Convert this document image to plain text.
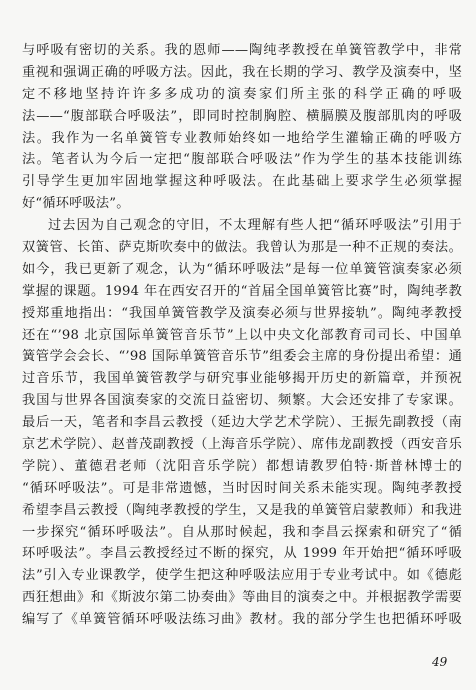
与呼吸有密切的关系。我的恩师——陶纯孝教授在单簧管教学中，非常
重视和强调正确的呼吸方法。因此，我在长期的学习、教学及演奏中，坚
定不移地坚持许许多多成功的演奏家们所主张的科学正确的呼吸
法——“腹部联合呼吸法”，即同时控制胸腔、横膈膜及腹部肌肉的呼吸
法。我作为一名单簧管专业教师始终如一地给学生灌输正确的呼吸方
法。笔者认为今后一定把“腹部联合呼吸法”作为学生的基本技能训练
引导学生更加牢固地掌握这种呼吸法。在此基础上要求学生必须掌握
好“循环呼吸法”。
过去因为自己观念的守旧，不太理解有些人把“循环呼吸法”引用于
双簧管、长笛、萨克斯吹奏中的做法。我曾认为那是一种不正规的奏法。
如今，我已更新了观念，认为“循环呼吸法”是每一位单簧管演奏家必须
掌握的课题。1994 年在西安召开的“首届全国单簧管比赛”时，陶纯孝教
授郑重地指出：“我国单簧管教学及演奏必须与世界接轨”。陶纯孝教授
还在“’98 北京国际单簧管音乐节”上以中央文化部教育司司长、中国单
簧管学会会长、“’98 国际单簧管音乐节”组委会主席的身份提出希望：通
过音乐节，我国单簧管教学与研究事业能够揭开历史的新篇章，并预祝
我国与世界各国演奏家的交流日益密切、频繁。大会还安排了专家课。
最后一天，笔者和李昌云教授（延边大学艺术学院）、王振先副教授（南
京艺术学院）、赵普茂副教授（上海音乐学院）、席伟龙副教授（西安音乐
学院）、董德君老师（沈阳音乐学院）都想请教罗伯特·斯普林博士的
“循环呼吸法”。可是非常遗憾，当时因时间关系未能实现。陶纯孝教授
希望李昌云教授（陶纯孝教授的学生，又是我的单簧管启蒙教师）和我进
一步探究“循环呼吸法”。自从那时候起，我和李昌云探索和研究了“循
环呼吸法”。李昌云教授经过不断的探究，从 1999 年开始把“循环呼吸
法”引入专业课教学，使学生把这种呼吸法应用于专业考试中。如《德彪
西狂想曲》和《斯波尔第二协奏曲》等曲目的演奏之中。并根据教学需要
编写了《单簧管循环呼吸法练习曲》教材。我的部分学生也把循环呼吸
49
